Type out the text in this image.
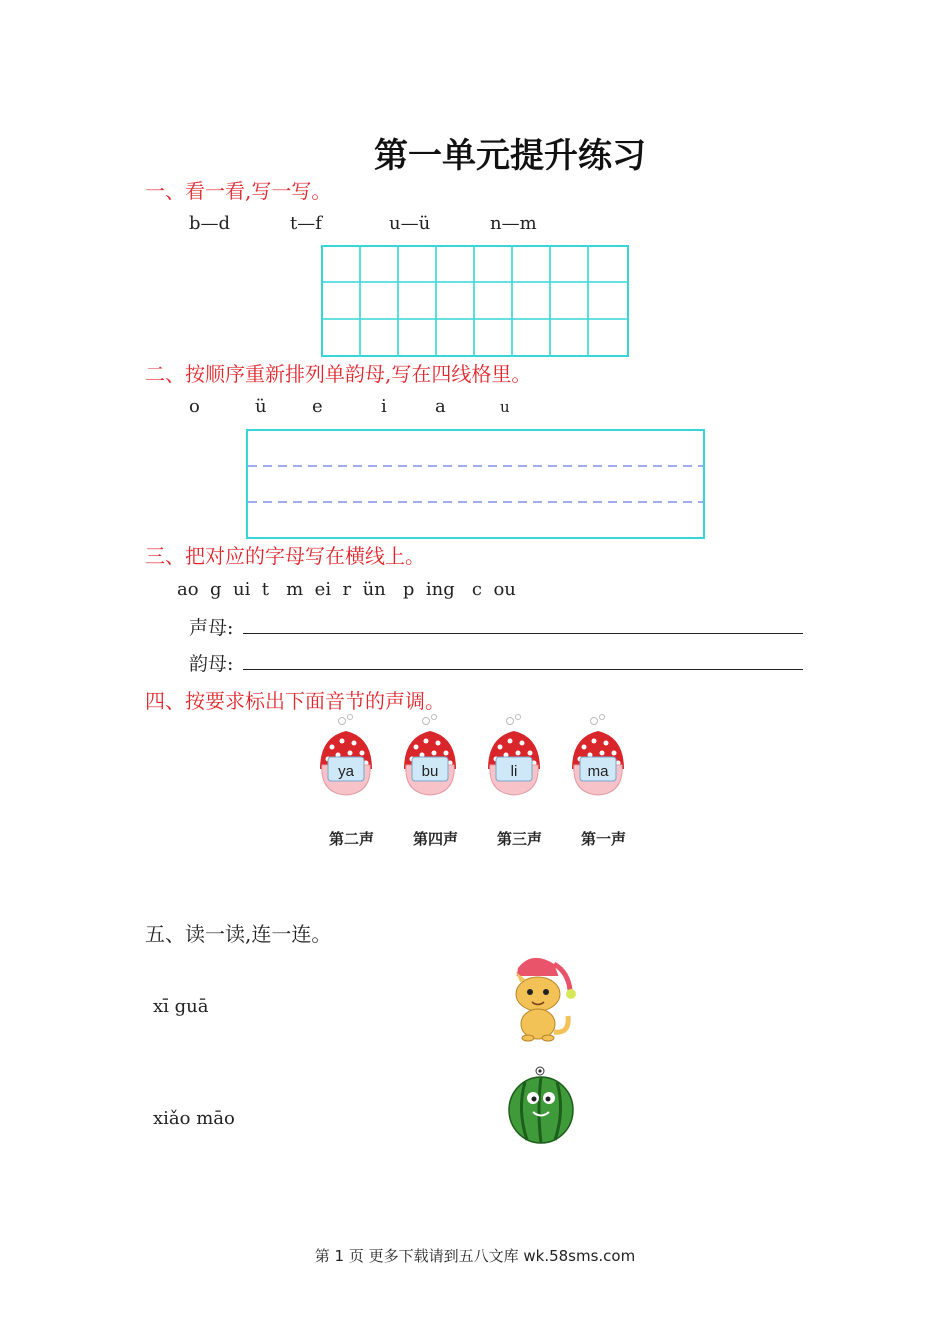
第一单元提升练习
一、看一看,写一写。
b—d	t—f	u—ü	n—m
二、按顺序重新排列单韵母,写在四线格里。
o	ü	e	i	a	u
三、把对应的字母写在横线上。
ao  g  ui  t   m  ei  r  ün   p  ing   c  ou
声母:
韵母:
四、按要求标出下面音节的声调。
ya	bu	li	ma
第二声	第四声	第三声	第一声
五、读一读,连一连。
xī guā
xiǎo māo
第 1 页 更多下载请到五八文库 wk.58sms.com
